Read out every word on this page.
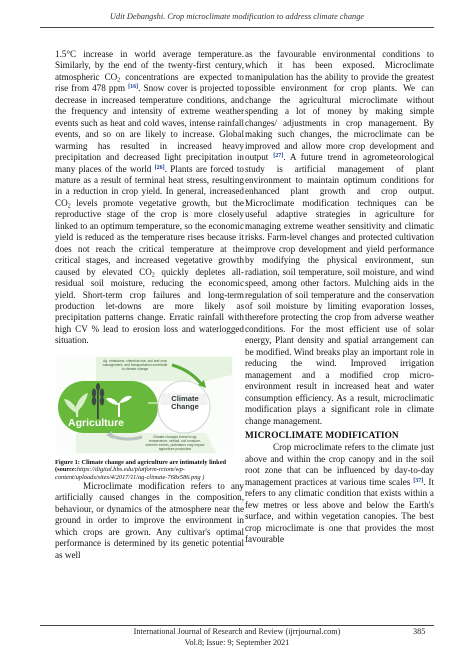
Udit Debangshi. Crop microclimate modification to address climate change

1.5°C increase in world average temperature. Similarly, by the end of the twenty-first century, atmospheric $CO_2$ concentrations are expected to rise from 478 ppm [16]. Snow cover is projected to decrease in increased temperature conditions, and the frequency and intensity of extreme weather events such as heat and cold waves, intense rainfall events, and so on are likely to increase. Global warming has resulted in increased heavy precipitation and decreased light precipitation in many places of the world [26]. Plants are forced to mature as a result of terminal heat stress, resulting in a reduction in crop yield. In general, increased $CO_2$ levels promote vegetative growth, but the reproductive stage of the crop is more closely linked to an optimum temperature, so the economic yield is reduced as the temperature rises because it does not reach the critical temperature at the critical stages, and increased vegetative growth caused by elevated $CO_2$ quickly depletes all-residual soil moisture, reducing the economic yield. Short-term crop failures and long-term production let-downs are more likely as precipitation patterns change. Erratic rainfall with high CV % lead to erosion loss and waterlogged situation.

Agriculture
Climate Change
Ag. emissions: chemical use, soil and crop management, and transportation contribute to climate change
Climate changes threat to ag: temperature, rainfall, soil moisture, extreme events, pollinators may impact agriculture production

Figure 1: Climate change and agriculture are intimately linked
(source:https://digital.hbs.edu/platform-rctom/wp-content/uploads/sites/4/2017/11/ag-climate-768x586.png )

Microclimate modification refers to any artificially caused changes in the composition, behaviour, or dynamics of the atmosphere near the ground in order to improve the environment in which crops are grown. Any cultivar's optimal performance is determined by its genetic potential as well

as the favourable environmental conditions to which it has been exposed. Microclimate manipulation has the ability to provide the greatest possible environment for crop plants. We can change the agricultural microclimate without spending a lot of money by making simple changes/ adjustments in crop management. By making such changes, the microclimate can be improved and allow more crop development and output [27]. A future trend in agrometeorological study is artificial management of plant environment to maintain optimum conditions for enhanced plant growth and crop output. Microclimate modification techniques can be useful adaptive strategies in agriculture for managing extreme weather sensitivity and climatic risks. Farm-level changes and protected cultivation improve crop development and yield performance by modifying the physical environment, sun radiation, soil temperature, soil moisture, and wind speed, among other factors. Mulching aids in the regulation of soil temperature and the conservation of soil moisture by limiting evaporation losses, therefore protecting the crop from adverse weather conditions. For the most efficient use of solar energy, Plant density and spatial arrangement can be modified. Wind breaks play an important role in reducing the wind. Improved irrigation management and a modified crop micro-environment result in increased heat and water consumption efficiency. As a result, microclimatic modification plays a significant role in climate change management.

MICROCLIMATE MODIFICATION

Crop microclimate refers to the climate just above and within the crop canopy and in the soil root zone that can be influenced by day-to-day management practices at various time scales [37]. It refers to any climatic condition that exists within a few metres or less above and below the Earth's surface, and within vegetation canopies. The best crop microclimate is one that provides the most favourable

International Journal of Research and Review (ijrrjournal.com)
Vol.8; Issue: 9; September 2021
385
